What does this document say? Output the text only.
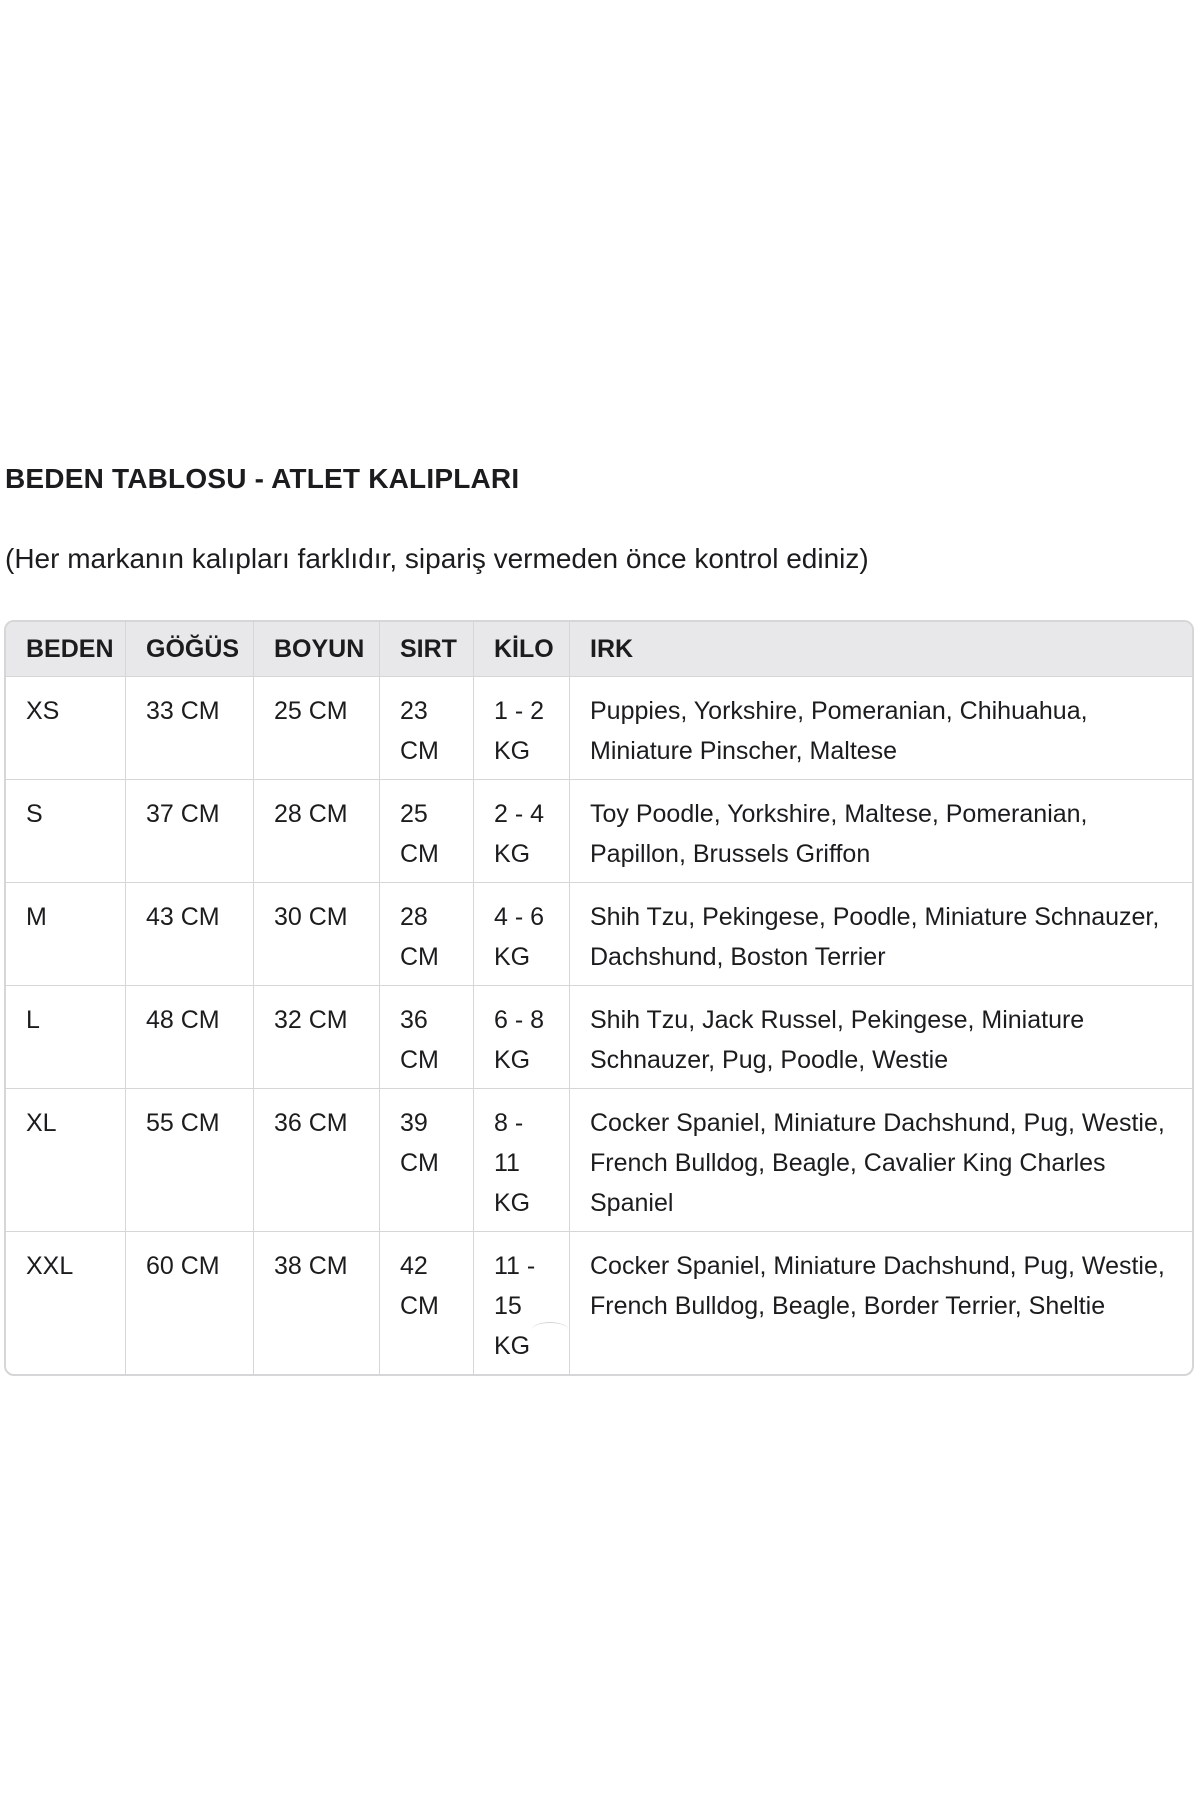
BEDEN TABLOSU - ATLET KALIPLARI
(Her markanın kalıpları farklıdır, sipariş vermeden önce kontrol ediniz)
BEDEN	GÖĞÜS	BOYUN	SIRT	KİLO	IRK
XS	33 CM	25 CM	23 CM	1 - 2 KG	Puppies, Yorkshire, Pomeranian, Chihuahua, Miniature Pinscher, Maltese
S	37 CM	28 CM	25 CM	2 - 4 KG	Toy Poodle, Yorkshire, Maltese, Pomeranian, Papillon, Brussels Griffon
M	43 CM	30 CM	28 CM	4 - 6 KG	Shih Tzu, Pekingese, Poodle, Miniature Schnauzer, Dachshund, Boston Terrier
L	48 CM	32 CM	36 CM	6 - 8 KG	Shih Tzu, Jack Russel, Pekingese, Miniature Schnauzer, Pug, Poodle, Westie
XL	55 CM	36 CM	39 CM	8 - 11 KG	Cocker Spaniel, Miniature Dachshund, Pug, Westie, French Bulldog, Beagle, Cavalier King Charles Spaniel
XXL	60 CM	38 CM	42 CM	11 - 15 KG	Cocker Spaniel, Miniature Dachshund, Pug, Westie, French Bulldog, Beagle, Border Terrier, Sheltie
